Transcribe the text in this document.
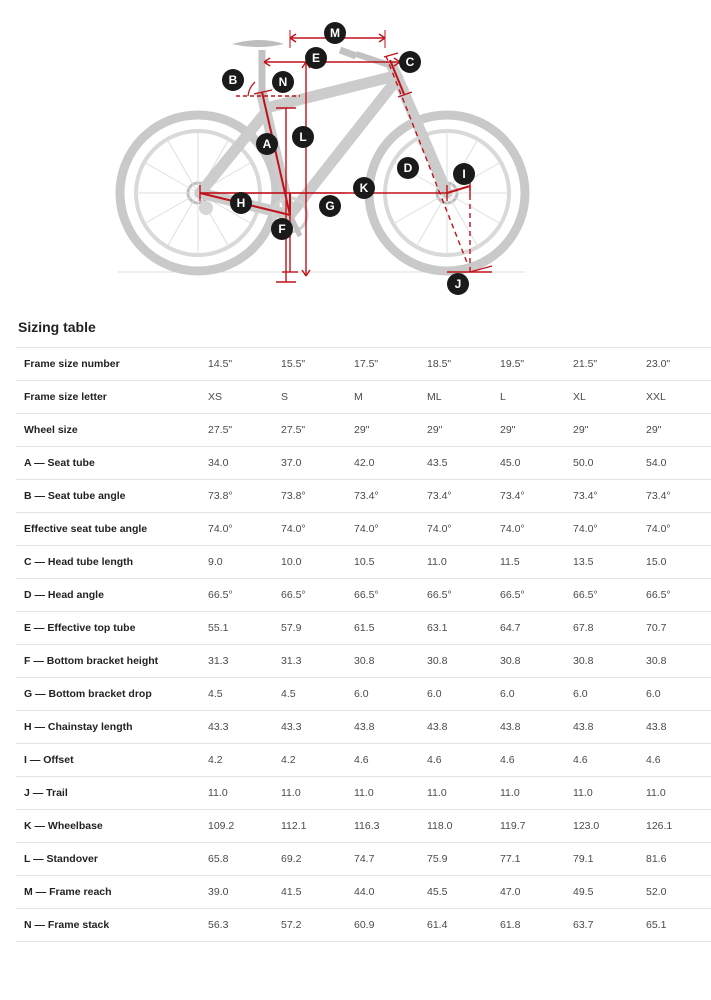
M
E	C
B	N
L
A
D	I
K
H	G
F
J
Sizing table
Frame size number	14.5"	15.5"	17.5"	18.5"	19.5"	21.5"	23.0"
Frame size letter	XS	S	M	ML	L	XL	XXL
Wheel size	27.5"	27.5"	29"	29"	29"	29"	29"
A — Seat tube	34.0	37.0	42.0	43.5	45.0	50.0	54.0
B — Seat tube angle	73.8°	73.8°	73.4°	73.4°	73.4°	73.4°	73.4°
Effective seat tube angle	74.0°	74.0°	74.0°	74.0°	74.0°	74.0°	74.0°
C — Head tube length	9.0	10.0	10.5	11.0	11.5	13.5	15.0
D — Head angle	66.5°	66.5°	66.5°	66.5°	66.5°	66.5°	66.5°
E — Effective top tube	55.1	57.9	61.5	63.1	64.7	67.8	70.7
F — Bottom bracket height	31.3	31.3	30.8	30.8	30.8	30.8	30.8
G — Bottom bracket drop	4.5	4.5	6.0	6.0	6.0	6.0	6.0
H — Chainstay length	43.3	43.3	43.8	43.8	43.8	43.8	43.8
I — Offset	4.2	4.2	4.6	4.6	4.6	4.6	4.6
J — Trail	11.0	11.0	11.0	11.0	11.0	11.0	11.0
K — Wheelbase	109.2	112.1	116.3	118.0	119.7	123.0	126.1
L — Standover	65.8	69.2	74.7	75.9	77.1	79.1	81.6
M — Frame reach	39.0	41.5	44.0	45.5	47.0	49.5	52.0
N — Frame stack	56.3	57.2	60.9	61.4	61.8	63.7	65.1
